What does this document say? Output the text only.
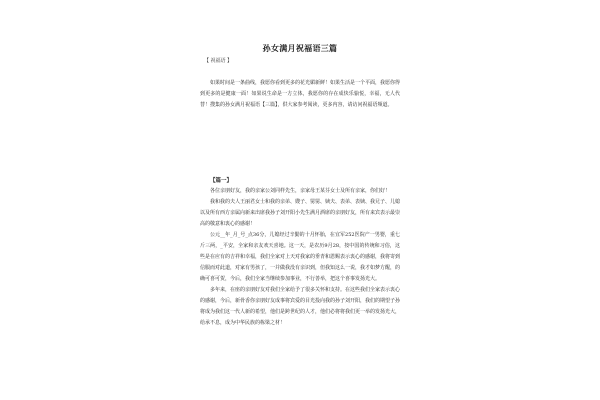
孙女满月祝福语三篇
【 祝福语 】

如果时间是一条曲线，我愿你看到更多的花光媚新鲜！如果生活是一个平面，我愿你得到更多的是健康一面！如果说生命是一方立体，我愿你的存在成快乐愉悦，幸福，无人代替！搜集的孙女满月祝福语【三篇】，供大家参考阅读，更多内容，请访问祝福语频道。

【篇一】

各位亲朋好友，我的亲家公刘同样先生，亲家母王某芬女士及所有亲家，你们好！

我和我的夫人王丽君女士和我的亲弟、嫂子、舅舅、姨夫、表弟、表姨、我兄子、儿媳以及所有西方亲属向新来出席我孙子刘开阳小先生满月酒席的亲朋好友，所有来宾表示最崇高的敬意和衷心的感谢！

公元__年_月_号_点36分，儿媳经过辛勤的十月怀胎，在宜军252医院产一男婴，重七斤三两，_平安，全家和亲友欢天喜地。这一天，是农历9月28，按中国的传统和习俗，这些是在应有的吉祥和幸福，我们全家对上天对我家的垂青和恩赐表示衷心的感谢，我将寄到信服而对此道，对家有男孩了，一并做我没有亲识到，但我知这么一说，我才如梦方醒，的确可喜可贺，今后，我们全家当继续参加事业，不行善举，把这个喜事发扬光大。

多年来，在座的亲朋好友对我们全家给予了很多关怀和支持。在这些我们全家表示衷心的感谢，今后，新骨香你亲朋好友成事将宾爱的目光投向我的孙子刘开阳，我们的期望子孙将成为我们这一代人新的希望，他们是跨世纪的人才，他们必将将我们更一举的发扬光大，给承不息，成为中华民族的栋梁之材！
